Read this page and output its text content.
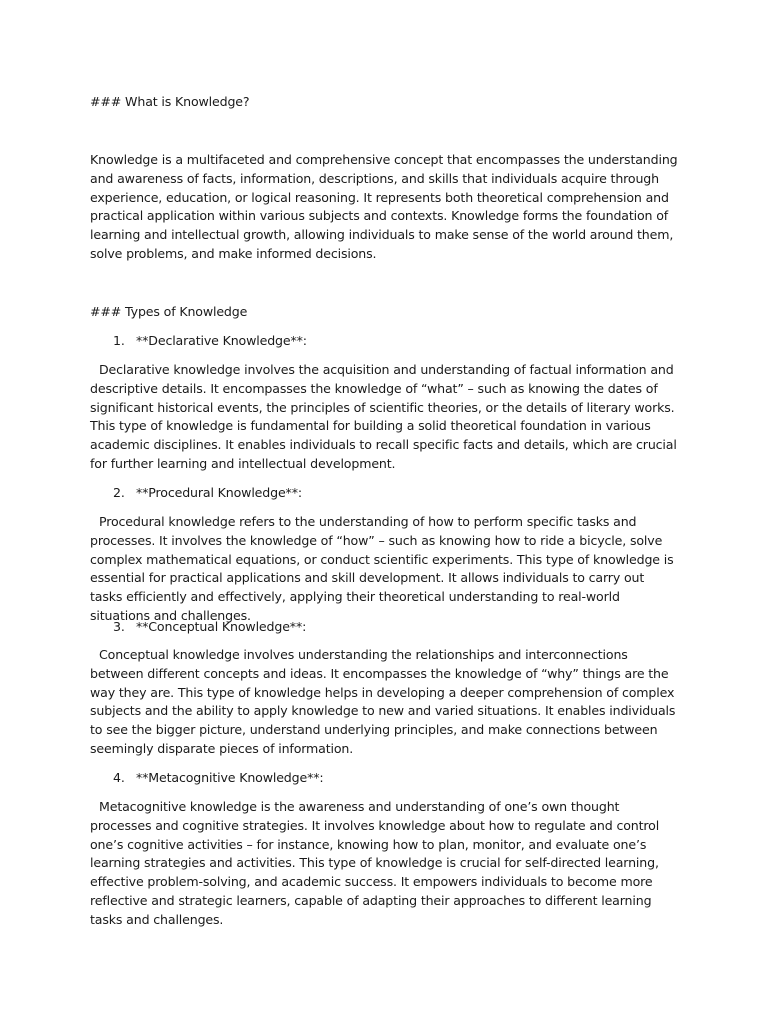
### What is Knowledge?

Knowledge is a multifaceted and comprehensive concept that encompasses the understanding and awareness of facts, information, descriptions, and skills that individuals acquire through experience, education, or logical reasoning. It represents both theoretical comprehension and practical application within various subjects and contexts. Knowledge forms the foundation of learning and intellectual growth, allowing individuals to make sense of the world around them, solve problems, and make informed decisions.

### Types of Knowledge

1. **Declarative Knowledge**:

Declarative knowledge involves the acquisition and understanding of factual information and descriptive details. It encompasses the knowledge of “what” – such as knowing the dates of significant historical events, the principles of scientific theories, or the details of literary works. This type of knowledge is fundamental for building a solid theoretical foundation in various academic disciplines. It enables individuals to recall specific facts and details, which are crucial for further learning and intellectual development.

2. **Procedural Knowledge**:

Procedural knowledge refers to the understanding of how to perform specific tasks and processes. It involves the knowledge of “how” – such as knowing how to ride a bicycle, solve complex mathematical equations, or conduct scientific experiments. This type of knowledge is essential for practical applications and skill development. It allows individuals to carry out tasks efficiently and effectively, applying their theoretical understanding to real-world situations and challenges.

3. **Conceptual Knowledge**:

Conceptual knowledge involves understanding the relationships and interconnections between different concepts and ideas. It encompasses the knowledge of “why” things are the way they are. This type of knowledge helps in developing a deeper comprehension of complex subjects and the ability to apply knowledge to new and varied situations. It enables individuals to see the bigger picture, understand underlying principles, and make connections between seemingly disparate pieces of information.

4. **Metacognitive Knowledge**:

Metacognitive knowledge is the awareness and understanding of one’s own thought processes and cognitive strategies. It involves knowledge about how to regulate and control one’s cognitive activities – for instance, knowing how to plan, monitor, and evaluate one’s learning strategies and activities. This type of knowledge is crucial for self-directed learning, effective problem-solving, and academic success. It empowers individuals to become more reflective and strategic learners, capable of adapting their approaches to different learning tasks and challenges.
